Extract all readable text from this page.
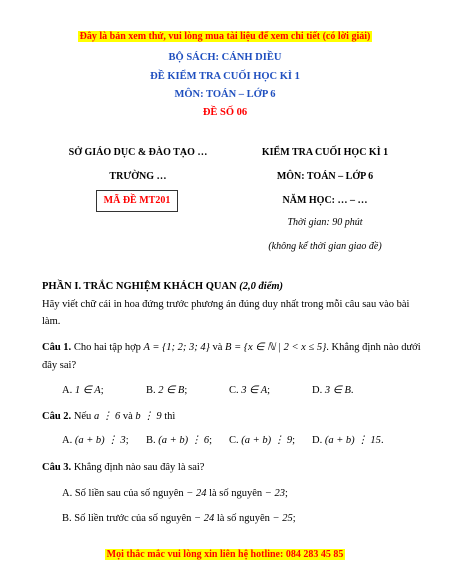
Đây là bản xem thử, vui lòng mua tài liệu để xem chi tiết (có lời giải)
BỘ SÁCH: CÁNH DIỀU
ĐỀ KIỂM TRA CUỐI HỌC KÌ 1
MÔN: TOÁN – LỚP 6
ĐỀ SỐ 06
SỞ GIÁO DỤC & ĐÀO TẠO …
TRƯỜNG …
MÃ ĐỀ MT201
KIỂM TRA CUỐI HỌC KÌ 1
MÔN: TOÁN – LỚP 6
NĂM HỌC: … – …
Thời gian: 90 phút
(không kể thời gian giao đề)
PHẦN I. TRẮC NGHIỆM KHÁCH QUAN (2,0 điểm)
Hãy viết chữ cái in hoa đứng trước phương án đúng duy nhất trong mỗi câu sau vào bài
làm.
Câu 1. Cho hai tập hợp A = {1; 2; 3; 4} và B = {x ∈ ℕ | 2 < x ≤ 5}. Khẳng định nào dưới
đây sai?
A. 1 ∈ A;	B. 2 ∈ B;	C. 3 ∈ A;	D. 3 ∈ B.
Câu 2. Nếu a ⋮ 6 và b ⋮ 9 thì
A. (a + b) ⋮ 3; B. (a + b) ⋮ 6; C. (a + b) ⋮ 9; D. (a + b) ⋮ 15.
Câu 3. Khẳng định nào sau đây là sai?
A. Số liền sau của số nguyên − 24 là số nguyên − 23;
B. Số liền trước của số nguyên − 24 là số nguyên − 25;
Mọi thắc mắc vui lòng xin liên hệ hotline: 084 283 45 85
